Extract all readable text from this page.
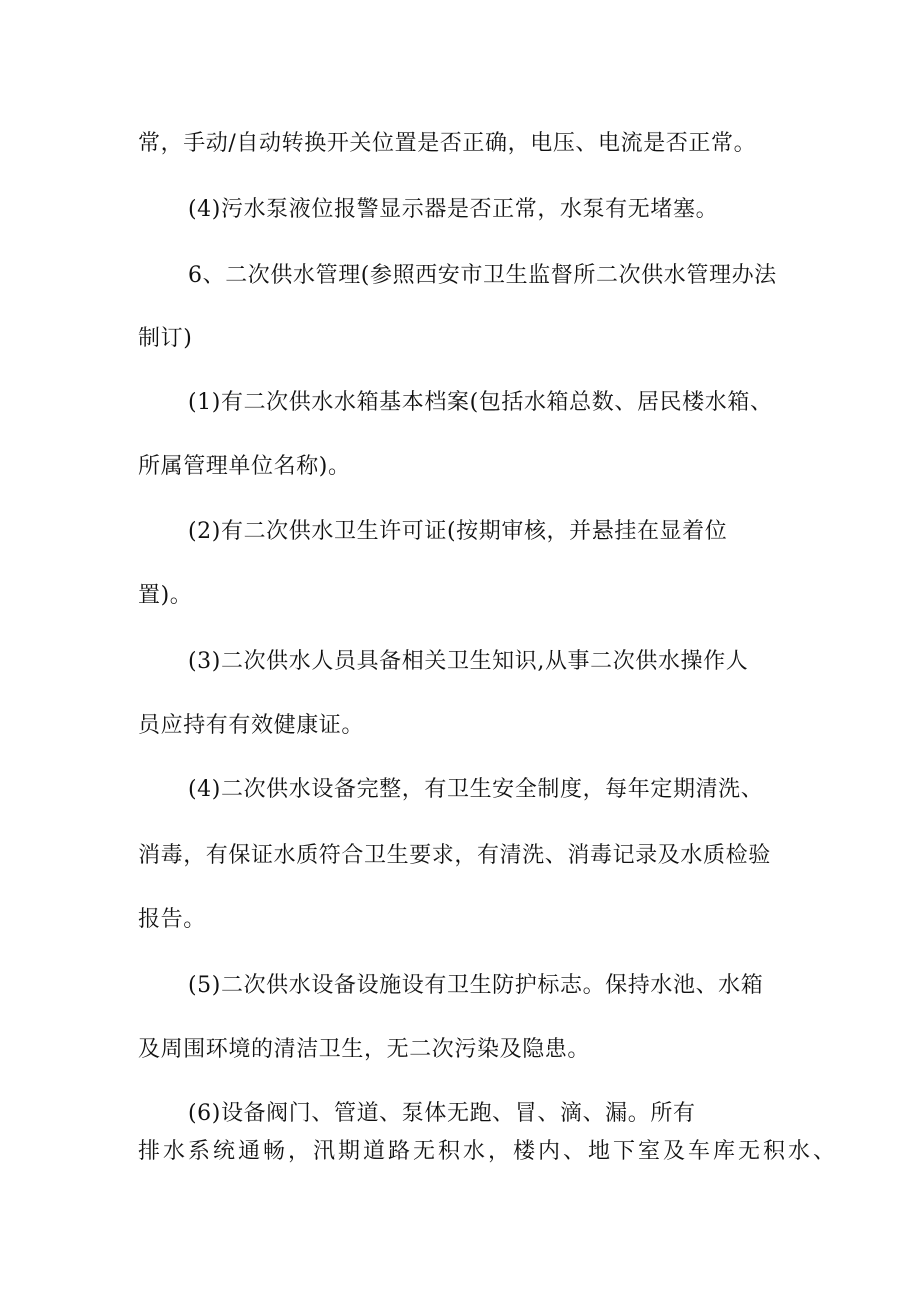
常，手动/自动转换开关位置是否正确，电压、电流是否正常。
(4)污水泵液位报警显示器是否正常，水泵有无堵塞。
6、二次供水管理(参照西安市卫生监督所二次供水管理办法
制订)
(1)有二次供水水箱基本档案(包括水箱总数、居民楼水箱、
所属管理单位名称)。
(2)有二次供水卫生许可证(按期审核，并悬挂在显着位
置)。
(3)二次供水人员具备相关卫生知识,从事二次供水操作人
员应持有有效健康证。
(4)二次供水设备完整，有卫生安全制度，每年定期清洗、
消毒，有保证水质符合卫生要求，有清洗、消毒记录及水质检验
报告。
(5)二次供水设备设施设有卫生防护标志。保持水池、水箱
及周围环境的清洁卫生，无二次污染及隐患。
(6)设备阀门、管道、泵体无跑、冒、滴、漏。所有
排水系统通畅，汛期道路无积水，楼内、地下室及车库无积水、
